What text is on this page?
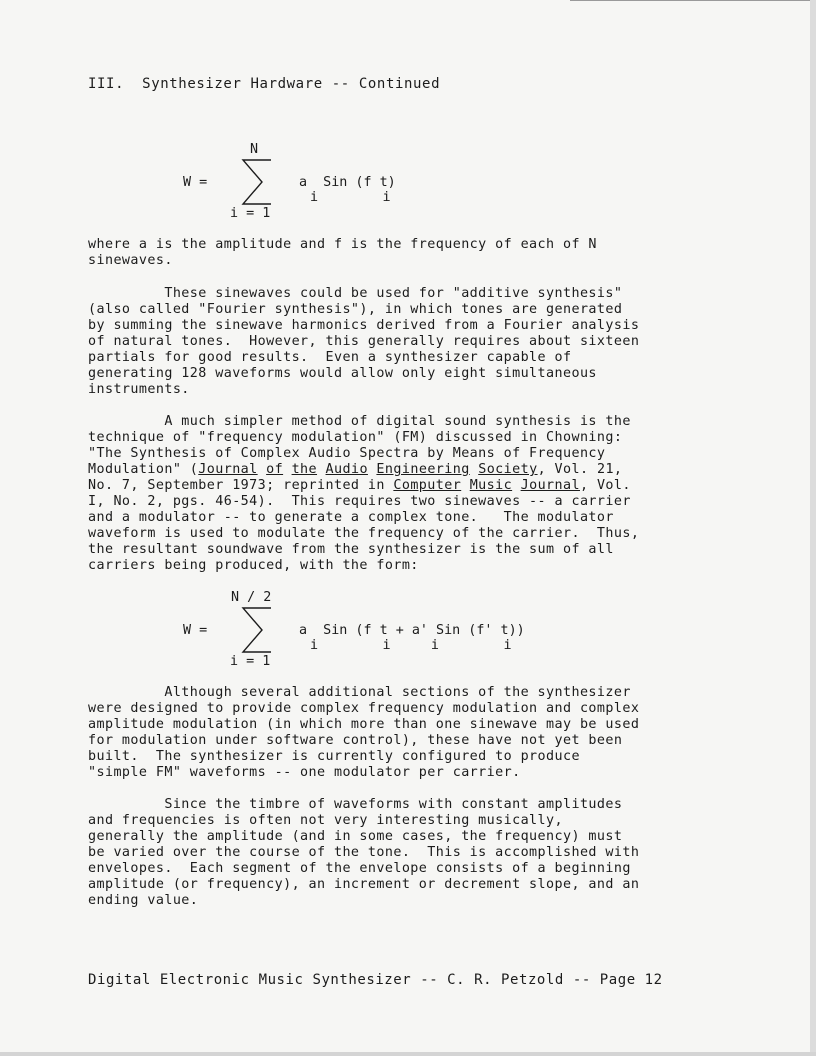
III.  Synthesizer Hardware -- Continued
W =
N
i = 1
a  Sin (f t)
i        i
where a is the amplitude and f is the frequency of each of N
sinewaves.
These sinewaves could be used for "additive synthesis"
(also called "Fourier synthesis"), in which tones are generated
by summing the sinewave harmonics derived from a Fourier analysis
of natural tones.  However, this generally requires about sixteen
partials for good results.  Even a synthesizer capable of
generating 128 waveforms would allow only eight simultaneous
instruments.
A much simpler method of digital sound synthesis is the
technique of "frequency modulation" (FM) discussed in Chowning:
"The Synthesis of Complex Audio Spectra by Means of Frequency
Modulation" (Journal of the Audio Engineering Society, Vol. 21,
No. 7, September 1973; reprinted in Computer Music Journal, Vol.
I, No. 2, pgs. 46-54).  This requires two sinewaves -- a carrier
and a modulator -- to generate a complex tone.   The modulator
waveform is used to modulate the frequency of the carrier.  Thus,
the resultant soundwave from the synthesizer is the sum of all
carriers being produced, with the form:
W =
N / 2
i = 1
a  Sin (f t + a' Sin (f' t))
i        i     i        i
Although several additional sections of the synthesizer
were designed to provide complex frequency modulation and complex
amplitude modulation (in which more than one sinewave may be used
for modulation under software control), these have not yet been
built.  The synthesizer is currently configured to produce
"simple FM" waveforms -- one modulator per carrier.
Since the timbre of waveforms with constant amplitudes
and frequencies is often not very interesting musically,
generally the amplitude (and in some cases, the frequency) must
be varied over the course of the tone.  This is accomplished with
envelopes.  Each segment of the envelope consists of a beginning
amplitude (or frequency), an increment or decrement slope, and an
ending value.
Digital Electronic Music Synthesizer -- C. R. Petzold -- Page 12
